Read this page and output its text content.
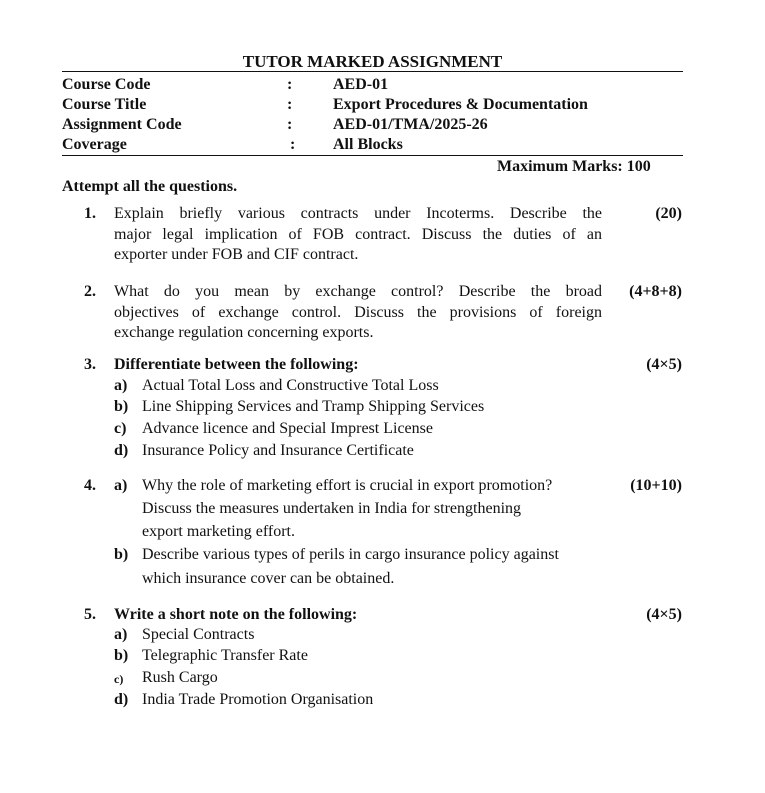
TUTOR MARKED ASSIGNMENT
Course Code	:	AED-01
Course Title	:	Export Procedures & Documentation
Assignment Code	:	AED-01/TMA/2025-26
Coverage	: All Blocks
Maximum Marks: 100
Attempt all the questions.
1. Explain briefly various contracts under Incoterms. Describe the
major legal implication of FOB contract. Discuss the duties of an
exporter under FOB and CIF contract.
(20)
2. What do you mean by exchange control? Describe the broad
objectives of exchange control. Discuss the provisions of foreign
exchange regulation concerning exports.
(4+8+8)
3. Differentiate between the following:	(4×5)
a) Actual Total Loss and Constructive Total Loss
b) Line Shipping Services and Tramp Shipping Services
c) Advance licence and Special Imprest License
d) Insurance Policy and Insurance Certificate
4.	(10+10)
a) Why the role of marketing effort is crucial in export promotion?
Discuss the measures undertaken in India for strengthening
export marketing effort.
b) Describe various types of perils in cargo insurance policy against
which insurance cover can be obtained.
5. Write a short note on the following:	(4×5)
a) Special Contracts
b) Telegraphic Transfer Rate
c) Rush Cargo
d) India Trade Promotion Organisation
